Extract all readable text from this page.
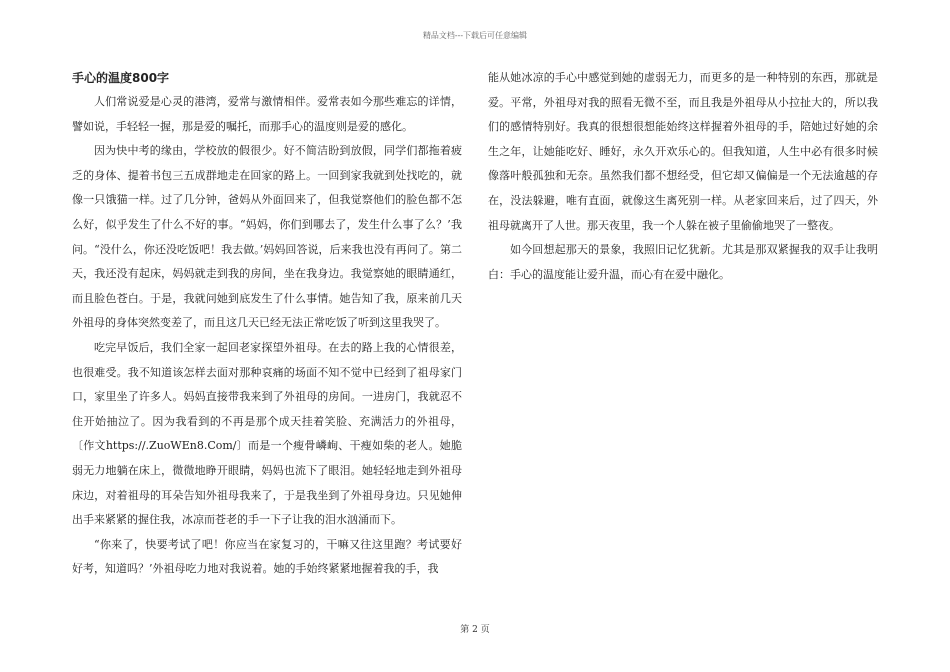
精品文档---下载后可任意编辑
手心的温度800字

人们常说爱是心灵的港湾，爱常与激情相伴。爱常表如今那些难忘的详情，譬如说，手轻轻一握，那是爱的嘱托，而那手心的温度则是爱的感化。

因为快中考的缘由，学校放的假很少。好不简洁盼到放假，同学们都拖着疲乏的身体、提着书包三五成群地走在回家的路上。一回到家我就到处找吃的，就像一只饿猫一样。过了几分钟，爸妈从外面回来了，但我觉察他们的脸色都不怎么好，似乎发生了什么不好的事。“妈妈，你们到哪去了，发生什么事了么？’我问。“没什么，你还没吃饭吧！我去做。’妈妈回答说，后来我也没有再问了。第二天，我还没有起床，妈妈就走到我的房间，坐在我身边。我觉察她的眼睛通红，而且脸色苍白。于是，我就问她到底发生了什么事情。她告知了我，原来前几天外祖母的身体突然变差了，而且这几天已经无法正常吃饭了听到这里我哭了。

吃完早饭后，我们全家一起回老家探望外祖母。在去的路上我的心情很差，也很难受。我不知道该怎样去面对那种哀痛的场面不知不觉中已经到了祖母家门口，家里坐了许多人。妈妈直接带我来到了外祖母的房间。一进房门，我就忍不住开始抽泣了。因为我看到的不再是那个成天挂着笑脸、充满活力的外祖母，〔作文https://.ZuoWEn8.Com/〕而是一个瘦骨嶙峋、干瘦如柴的老人。她脆弱无力地躺在床上，微微地睁开眼睛，妈妈也流下了眼泪。她轻轻地走到外祖母床边，对着祖母的耳朵告知外祖母我来了，于是我坐到了外祖母身边。只见她伸出手来紧紧的握住我，冰凉而苍老的手一下子让我的泪水汹涌而下。

“你来了，快要考试了吧！你应当在家复习的，干嘛又往这里跑？考试要好好考，知道吗？’外祖母吃力地对我说着。她的手始终紧紧地握着我的手，我

能从她冰凉的手心中感觉到她的虚弱无力，而更多的是一种特别的东西，那就是爱。平常，外祖母对我的照看无微不至，而且我是外祖母从小拉扯大的，所以我们的感情特别好。我真的很想很想能始终这样握着外祖母的手，陪她过好她的余生之年，让她能吃好、睡好，永久开欢乐心的。但我知道，人生中必有很多时候像落叶般孤独和无奈。虽然我们都不想经受，但它却又偏偏是一个无法逾越的存在，没法躲避，唯有直面，就像这生离死别一样。从老家回来后，过了四天，外祖母就离开了人世。那天夜里，我一个人躲在被子里偷偷地哭了一整夜。

如今回想起那天的景象，我照旧记忆犹新。尤其是那双紧握我的双手让我明白：手心的温度能让爱升温，而心有在爱中融化。

第 2 页
